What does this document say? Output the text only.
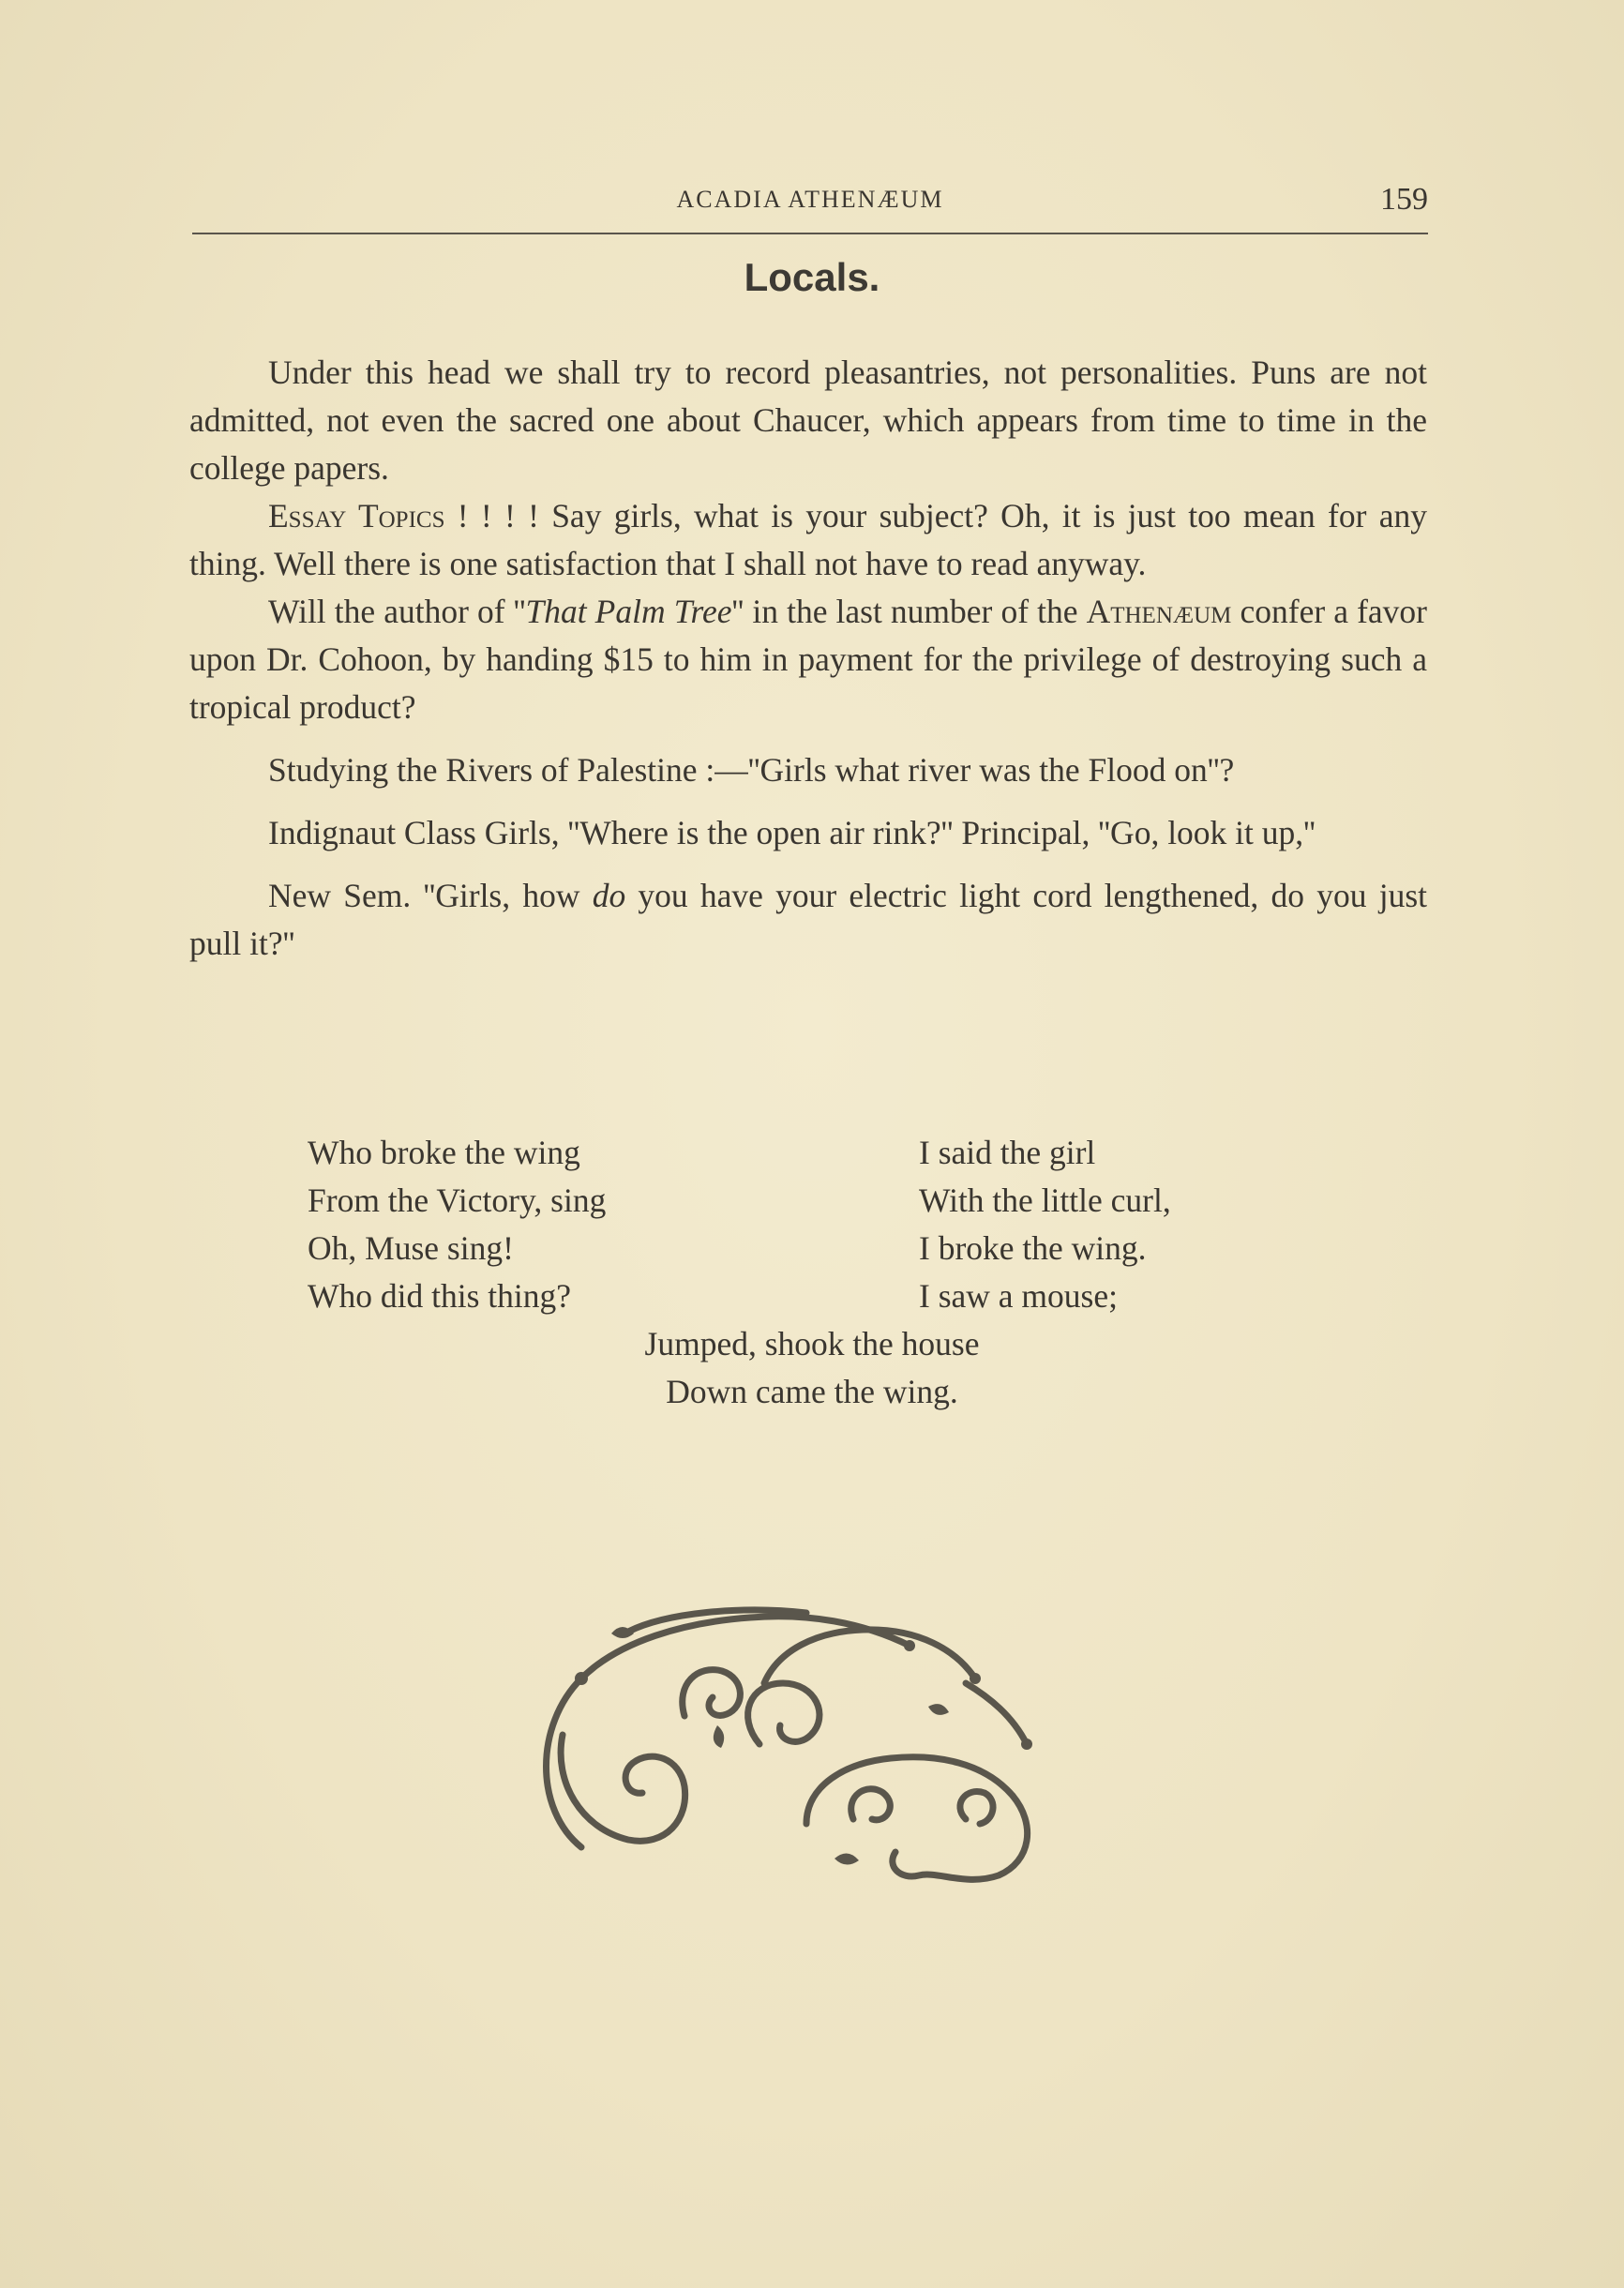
ACADIA ATHENÆUM	159
Locals.

Under this head we shall try to record pleasantries, not personalities. Puns are not admitted, not even the sacred one about Chaucer, which appears from time to time in the college papers.

Essay Topics ! ! ! ! Say girls, what is your subject? Oh, it is just too mean for any thing. Well there is one satisfaction that I shall not have to read anyway.

Will the author of ''That Palm Tree'' in the last number of the Athenæum confer a favor upon Dr. Cohoon, by handing $15 to him in payment for the privilege of destroying such a tropical product?

Studying the Rivers of Palestine :—''Girls what river was the Flood on''?

Indignaut Class Girls, ''Where is the open air rink?'' Principal, ''Go, look it up,''

New Sem. ''Girls, how do you have your electric light cord lengthened, do you just pull it?''

Who broke the wing
From the Victory, sing
Oh, Muse sing!
Who did this thing?
I said the girl
With the little curl,
I broke the wing.
I saw a mouse;
Jumped, shook the house
Down came the wing.
